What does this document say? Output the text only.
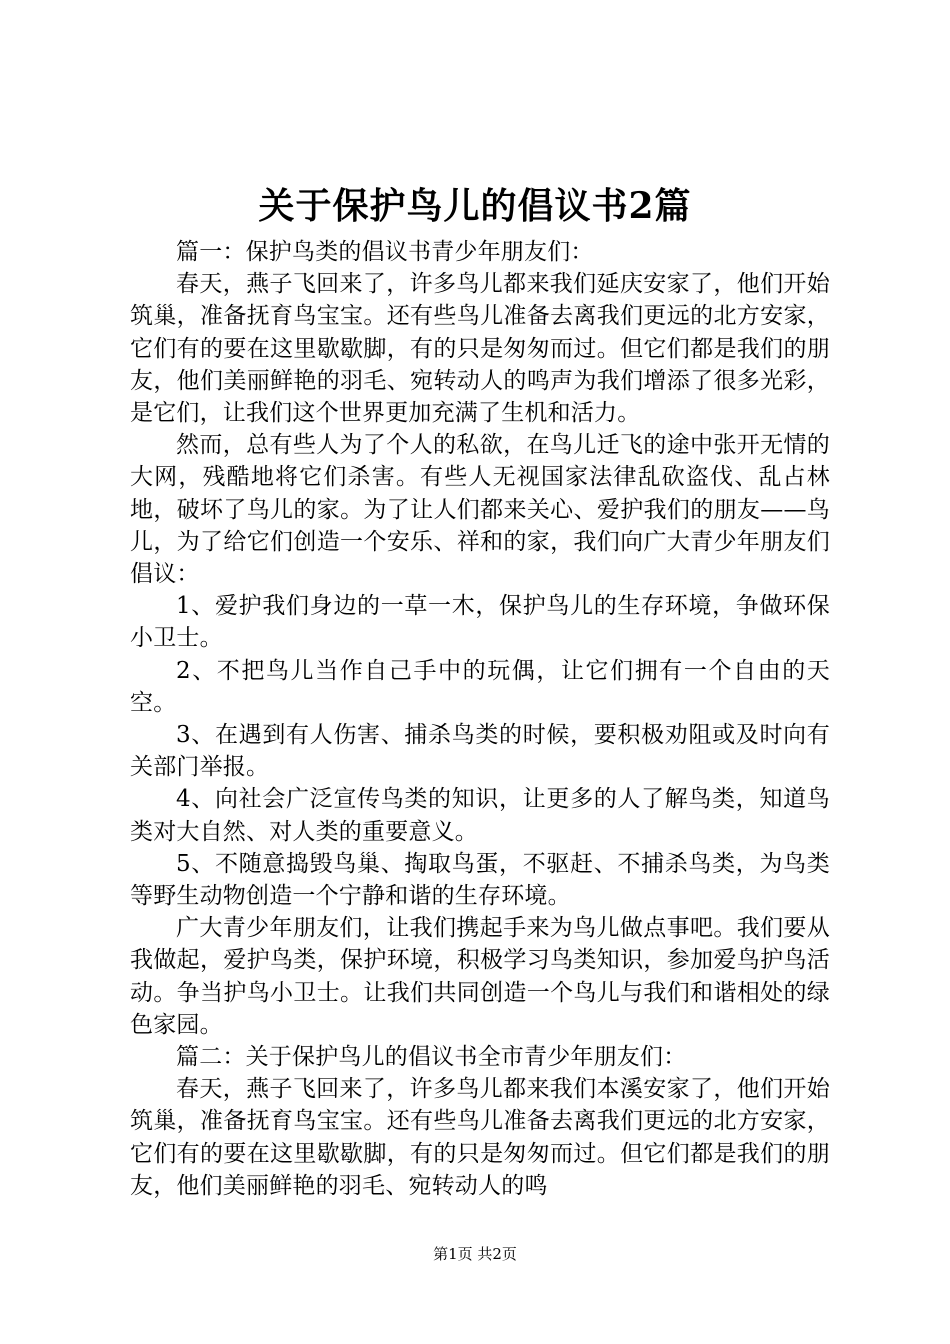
关于保护鸟儿的倡议书2篇

篇一：保护鸟类的倡议书青少年朋友们：

春天，燕子飞回来了，许多鸟儿都来我们延庆安家了，他们开始筑巢，准备抚育鸟宝宝。还有些鸟儿准备去离我们更远的北方安家，它们有的要在这里歇歇脚，有的只是匆匆而过。但它们都是我们的朋友，他们美丽鲜艳的羽毛、宛转动人的鸣声为我们增添了很多光彩，是它们，让我们这个世界更加充满了生机和活力。

然而，总有些人为了个人的私欲，在鸟儿迁飞的途中张开无情的大网，残酷地将它们杀害。有些人无视国家法律乱砍盗伐、乱占林地，破坏了鸟儿的家。为了让人们都来关心、爱护我们的朋友——鸟儿，为了给它们创造一个安乐、祥和的家，我们向广大青少年朋友们倡议：

1、爱护我们身边的一草一木，保护鸟儿的生存环境，争做环保小卫士。

2、不把鸟儿当作自己手中的玩偶，让它们拥有一个自由的天空。

3、在遇到有人伤害、捕杀鸟类的时候，要积极劝阻或及时向有关部门举报。

4、向社会广泛宣传鸟类的知识，让更多的人了解鸟类，知道鸟类对大自然、对人类的重要意义。

5、不随意捣毁鸟巢、掏取鸟蛋，不驱赶、不捕杀鸟类，为鸟类等野生动物创造一个宁静和谐的生存环境。

广大青少年朋友们，让我们携起手来为鸟儿做点事吧。我们要从我做起，爱护鸟类，保护环境，积极学习鸟类知识，参加爱鸟护鸟活动。争当护鸟小卫士。让我们共同创造一个鸟儿与我们和谐相处的绿色家园。

篇二：关于保护鸟儿的倡议书全市青少年朋友们：

春天，燕子飞回来了，许多鸟儿都来我们本溪安家了，他们开始筑巢，准备抚育鸟宝宝。还有些鸟儿准备去离我们更远的北方安家，它们有的要在这里歇歇脚，有的只是匆匆而过。但它们都是我们的朋友，他们美丽鲜艳的羽毛、宛转动人的鸣

第1页 共2页
